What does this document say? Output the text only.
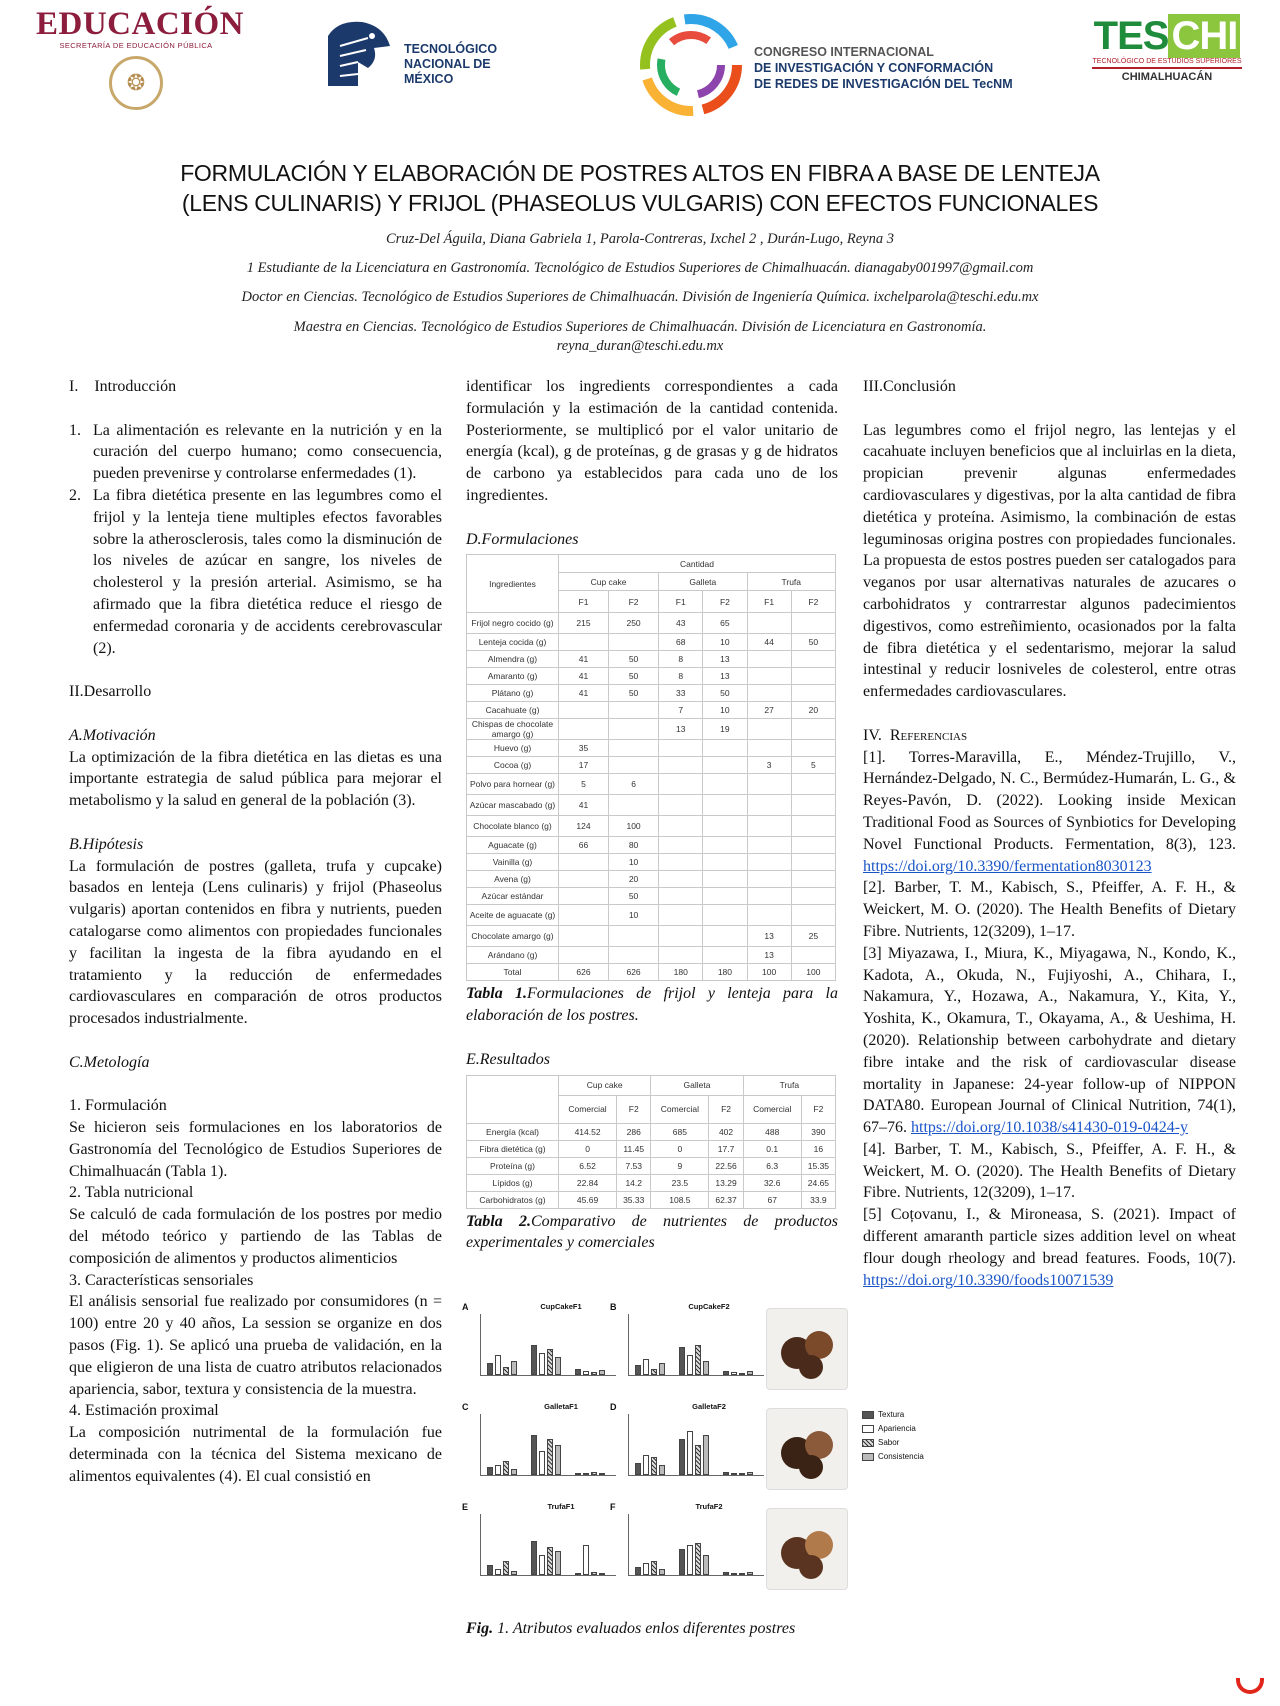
EDUCACIÓN
SECRETARÍA DE EDUCACIÓN PÚBLICA
❂
TECNOLÓGICO
NACIONAL DE MÉXICO
CONGRESO INTERNACIONAL
DE INVESTIGACIÓN Y CONFORMACIÓN
DE REDES DE INVESTIGACIÓN DEL TecNM
TESCHI
TECNOLÓGICO DE ESTUDIOS SUPERIORES
CHIMALHUACÁN
FORMULACIÓN Y ELABORACIÓN DE POSTRES ALTOS EN FIBRA A BASE DE LENTEJA
(LENS CULINARIS) Y FRIJOL (PHASEOLUS VULGARIS) CON EFECTOS FUNCIONALES
Cruz-Del Águila, Diana Gabriela 1, Parola-Contreras, Ixchel 2 , Durán-Lugo, Reyna 3
1 Estudiante de la Licenciatura en Gastronomía. Tecnológico de Estudios Superiores de Chimalhuacán. dianagaby001997@gmail.com
Doctor en Ciencias. Tecnológico de Estudios Superiores de Chimalhuacán. División de Ingeniería Química. ixchelparola@teschi.edu.mx
Maestra en Ciencias. Tecnológico de Estudios Superiores de Chimalhuacán. División de Licenciatura en Gastronomía.
reyna_duran@teschi.edu.mx

I.    Introducción

1. La alimentación es relevante en la nutrición y en la curación del cuerpo humano; como consecuencia, pueden prevenirse y controlarse enfermedades (1).
2. La fibra dietética presente en las legumbres como el frijol y la lenteja tiene multiples efectos favorables sobre la atherosclerosis, tales como la disminución de los niveles de azúcar en sangre, los niveles de cholesterol y la presión arterial. Asimismo, se ha afirmado que la fibra dietética reduce el riesgo de enfermedad coronaria y de accidents cerebrovascular (2).

II.Desarrollo

A.Motivación

La optimización de la fibra dietética en las dietas es una importante estrategia de salud pública para mejorar el metabolismo y la salud en general de la población (3).

B.Hipótesis

La formulación de postres (galleta, trufa y cupcake) basados en lenteja (Lens culinaris) y frijol (Phaseolus vulgaris) aportan contenidos en fibra y nutrients, pueden catalogarse como alimentos con propiedades funcionales y facilitan la ingesta de la fibra ayudando en el tratamiento y la reducción de enfermedades cardiovasculares en comparación de otros productos procesados industrialmente.

C.Metología

1. Formulación

Se hicieron seis formulaciones en los laboratorios de Gastronomía del Tecnológico de Estudios Superiores de Chimalhuacán (Tabla 1).

2. Tabla nutricional

Se calculó de cada formulación de los postres por medio del método teórico y partiendo de las Tablas de composición de alimentos y productos alimenticios

3. Características sensoriales

El análisis sensorial fue realizado por consumidores (n = 100) entre 20 y 40 años, La session se organize en dos pasos (Fig. 1). Se aplicó una prueba de validación, en la que eligieron de una lista de cuatro atributos relacionados apariencia, sabor, textura y consistencia de la muestra.

4. Estimación proximal

La composición nutrimental de la formulación fue determinada con la técnica del Sistema mexicano de alimentos equivalentes (4). El cual consistió en

identificar los ingredients correspondientes a cada formulación y la estimación de la cantidad contenida. Posteriormente, se multiplicó por el valor unitario de energía (kcal), g de proteínas, g de grasas y g de hidratos de carbono ya establecidos para cada uno de los ingredientes.

D.Formulaciones

Ingredientes	Cantidad					
	Cup cake		Galleta		Trufa	
	F1	F2	F1	F2	F1	F2
Frijol negro cocido (g)	215	250	43	65		
Lenteja cocida (g)			68	10	44	50
Almendra (g)	41	50	8	13		
Amaranto (g)	41	50	8	13		
Plátano (g)	41	50	33	50		
Cacahuate (g)			7	10	27	20
Chispas de chocolate amargo (g)			13	19		
Huevo (g)	35					
Cocoa (g)	17				3	5
Polvo para hornear (g)	5	6				
Azúcar mascabado (g)	41					
Chocolate blanco (g)	124	100				
Aguacate (g)	66	80				
Vainilla (g)		10				
Avena (g)		20				
Azúcar estándar		50				
Aceite de aguacate (g)		10				
Chocolate amargo (g)					13	25
Arándano (g)					13	
Total	626	626	180	180	100	100

Tabla 1.Formulaciones de frijol y lenteja para la elaboración de los postres.

E.Resultados

	Cup cake		Galleta		Trufa	
	Comercial	F2	Comercial	F2	Comercial	F2
Energía (kcal)	414.52	286	685	402	488	390
Fibra dietética (g)	0	11.45	0	17.7	0.1	16
Proteína (g)	6.52	7.53	9	22.56	6.3	15.35
Lípidos (g)	22.84	14.2	23.5	13.29	32.6	24.65
Carbohidratos (g)	45.69	35.33	108.5	62.37	67	33.9

Tabla 2.Comparativo de nutrientes de productos experimentales y comerciales

Textura
Apariencia
Sabor
Consistencia
A	CupCakeF1	B	CupCakeF2
C	GalletaF1	D	GalletaF2
E	TrufaF1	F	TrufaF2

Fig. 1. Atributos evaluados enlos diferentes postres

III.Conclusión

Las legumbres como el frijol negro, las lentejas y el cacahuate incluyen beneficios que al incluirlas en la dieta, propician prevenir algunas enfermedades cardiovasculares y digestivas, por la alta cantidad de fibra dietética y proteína. Asimismo, la combinación de estas leguminosas origina postres con propiedades funcionales. La propuesta de estos postres pueden ser catalogados para veganos por usar alternativas naturales de azucares o carbohidratos y contrarrestar algunos padecimientos digestivos, como estreñimiento, ocasionados por la falta de fibra dietética y el sedentarismo, mejorar la salud intestinal y reducir losniveles de colesterol, entre otras enfermedades cardiovasculares.

IV.  Referencias

[1]. Torres-Maravilla, E., Méndez-Trujillo, V., Hernández-Delgado, N. C., Bermúdez-Humarán, L. G., & Reyes-Pavón, D. (2022). Looking inside Mexican Traditional Food as Sources of Synbiotics for Developing Novel Functional Products. Fermentation, 8(3), 123. https://doi.org/10.3390/fermentation8030123

[2]. Barber, T. M., Kabisch, S., Pfeiffer, A. F. H., & Weickert, M. O. (2020). The Health Benefits of Dietary Fibre. Nutrients, 12(3209), 1–17.

[3] Miyazawa, I., Miura, K., Miyagawa, N., Kondo, K., Kadota, A., Okuda, N., Fujiyoshi, A., Chihara, I., Nakamura, Y., Hozawa, A., Nakamura, Y., Kita, Y., Yoshita, K., Okamura, T., Okayama, A., & Ueshima, H. (2020). Relationship between carbohydrate and dietary fibre intake and the risk of cardiovascular disease mortality in Japanese: 24-year follow-up of NIPPON DATA80. European Journal of Clinical Nutrition, 74(1), 67–76. https://doi.org/10.1038/s41430-019-0424-y

[4]. Barber, T. M., Kabisch, S., Pfeiffer, A. F. H., & Weickert, M. O. (2020). The Health Benefits of Dietary Fibre. Nutrients, 12(3209), 1–17.

[5] Coțovanu, I., & Mironeasa, S. (2021). Impact of different amaranth particle sizes addition level on wheat flour dough rheology and bread features. Foods, 10(7). https://doi.org/10.3390/foods10071539
